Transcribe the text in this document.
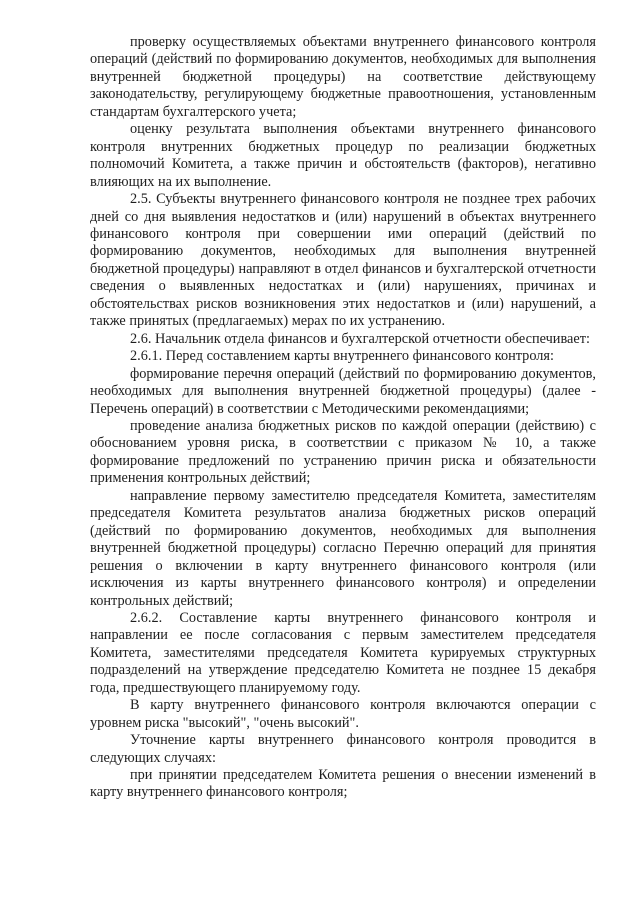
проверку осуществляемых объектами внутреннего финансового контроля операций (действий по формированию документов, необходимых для выполнения внутренней бюджетной процедуры) на соответствие действующему законодательству, регулирующему бюджетные правоотношения, установленным стандартам бухгалтерского учета;

оценку результата выполнения объектами внутреннего финансового контроля внутренних бюджетных процедур по реализации бюджетных полномочий Комитета, а также причин и обстоятельств (факторов), негативно влияющих на их выполнение.

2.5. Субъекты внутреннего финансового контроля не позднее трех рабочих дней со дня выявления недостатков и (или) нарушений в объектах внутреннего финансового контроля при совершении ими операций (действий по формированию документов, необходимых для выполнения внутренней бюджетной процедуры) направляют в отдел финансов и бухгалтерской отчетности сведения о выявленных недостатках и (или) нарушениях, причинах и обстоятельствах рисков возникновения этих недостатков и (или) нарушений, а также принятых (предлагаемых) мерах по их устранению.

2.6. Начальник отдела финансов и бухгалтерской отчетности обеспечивает:

2.6.1. Перед составлением карты внутреннего финансового контроля:

формирование перечня операций (действий по формированию документов, необходимых для выполнения внутренней бюджетной процедуры) (далее - Перечень операций) в соответствии с Методическими рекомендациями;

проведение анализа бюджетных рисков по каждой операции (действию) с обоснованием уровня риска, в соответствии с приказом № 10, а также формирование предложений по устранению причин риска и обязательности применения контрольных действий;

направление первому заместителю председателя Комитета, заместителям председателя Комитета результатов анализа бюджетных рисков операций (действий по формированию документов, необходимых для выполнения внутренней бюджетной процедуры) согласно Перечню операций для принятия решения о включении в карту внутреннего финансового контроля (или исключения из карты внутреннего финансового контроля) и определении контрольных действий;

2.6.2. Составление карты внутреннего финансового контроля и направлении ее после согласования с первым заместителем председателя Комитета, заместителями председателя Комитета курируемых структурных подразделений на утверждение председателю Комитета не позднее 15 декабря года, предшествующего планируемому году.

В карту внутреннего финансового контроля включаются операции с уровнем риска "высокий", "очень высокий".

Уточнение карты внутреннего финансового контроля проводится в следующих случаях:

при принятии председателем Комитета решения о внесении изменений в карту внутреннего финансового контроля;
